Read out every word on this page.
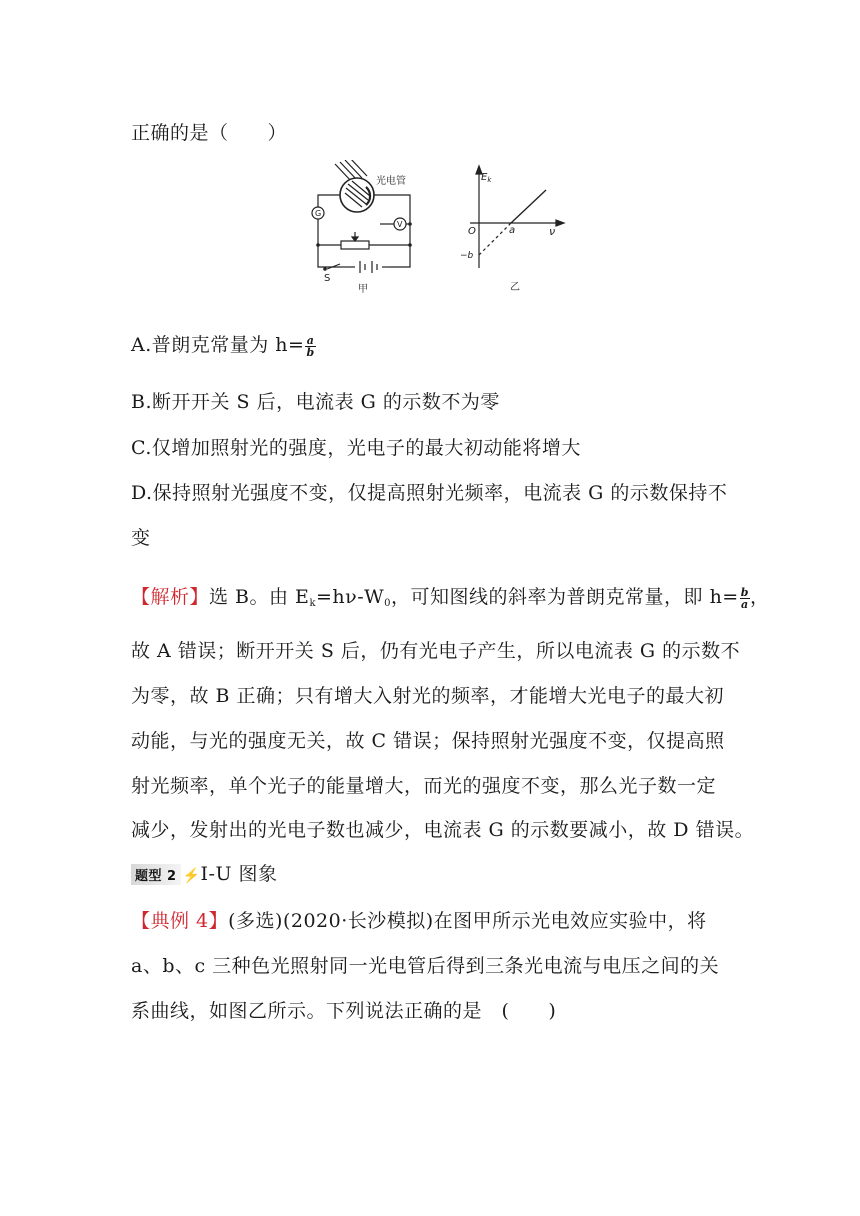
正确的是（　　）
光电管
G
V
S
甲
$E_k$
O	a	ν
−b
乙
A.普朗克常量为 $h= \frac{a}{b}$
B.断开开关 S 后，电流表 G 的示数不为零
C.仅增加照射光的强度，光电子的最大初动能将增大
D.保持照射光强度不变，仅提高照射光频率，电流表 G 的示数保持不
变
【解析】选 B。由 $E_k=h\nu-W_0$，可知图线的斜率为普朗克常量，即 $h= \frac{b}{a}$ ，
故 A 错误；断开开关 S 后，仍有光电子产生，所以电流表 G 的示数不
为零，故 B 正确；只有增大入射光的频率，才能增大光电子的最大初
动能，与光的强度无关，故 C 错误；保持照射光强度不变，仅提高照
射光频率，单个光子的能量增大，而光的强度不变，那么光子数一定
减少，发射出的光电子数也减少，电流表 G 的示数要减小，故 D 错误。
题型 2 ⚡I-U 图象
【典例 4】(多选)(2020·长沙模拟)在图甲所示光电效应实验中，将
a、b、c 三种色光照射同一光电管后得到三条光电流与电压之间的关
系曲线，如图乙所示。下列说法正确的是　(　　)
